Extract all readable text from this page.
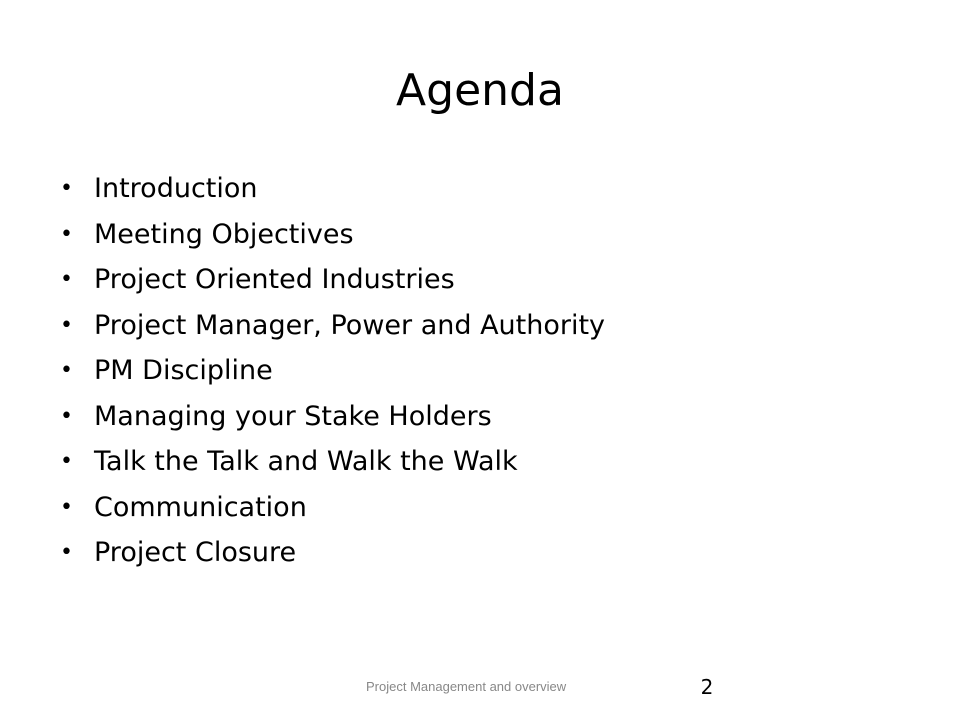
Agenda
• Introduction
• Meeting Objectives
• Project Oriented Industries
• Project Manager, Power and Authority
• PM Discipline
• Managing your Stake Holders
• Talk the Talk and Walk the Walk
• Communication
• Project Closure
Project Management and overview	2
